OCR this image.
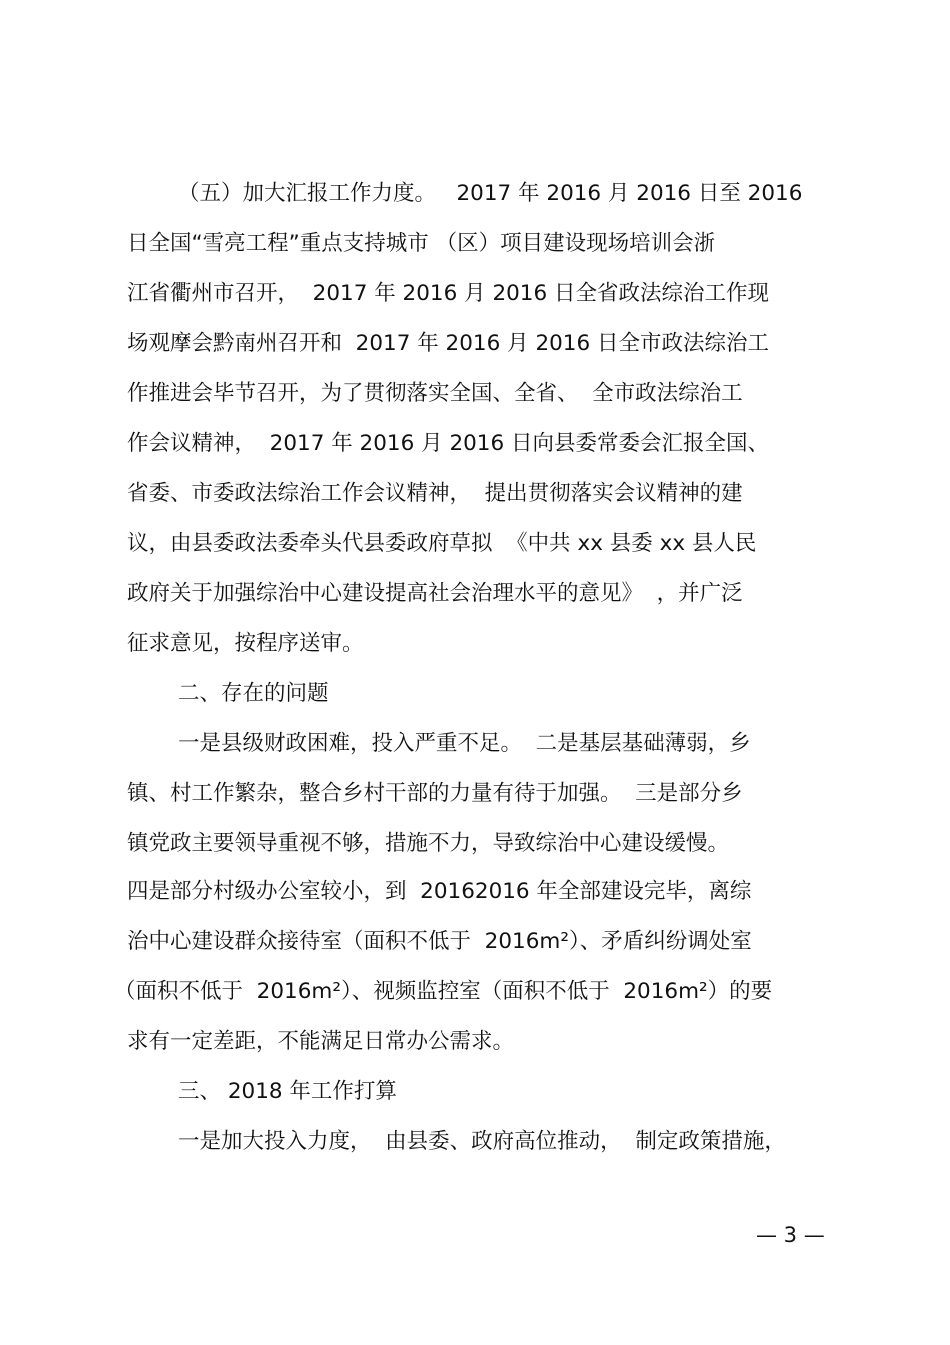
（五）加大汇报工作力度。   2017 年 2016 月 2016 日至 2016

日全国“雪亮工程”重点支持城市 （区）项目建设现场培训会浙

江省衢州市召开，  2017 年 2016 月 2016 日全省政法综治工作现

场观摩会黔南州召开和  2017 年 2016 月 2016 日全市政法综治工

作推进会毕节召开，为了贯彻落实全国、全省、  全市政法综治工

作会议精神，  2017 年 2016 月 2016 日向县委常委会汇报全国、

省委、市委政法综治工作会议精神，  提出贯彻落实会议精神的建

议，由县委政法委牵头代县委政府草拟  《中共 xx 县委 xx 县人民

政府关于加强综治中心建设提高社会治理水平的意见》  ，并广泛

征求意见，按程序送审。

二、存在的问题

一是县级财政困难，投入严重不足。  二是基层基础薄弱，乡

镇、村工作繁杂，整合乡村干部的力量有待于加强。  三是部分乡

镇党政主要领导重视不够，措施不力，导致综治中心建设缓慢。

四是部分村级办公室较小，到  20162016 年全部建设完毕，离综

治中心建设群众接待室（面积不低于  2016m²）、矛盾纠纷调处室

（面积不低于  2016m²）、视频监控室（面积不低于  2016m²）的要

求有一定差距，不能满足日常办公需求。

三、 2018 年工作打算

一是加大投入力度，  由县委、政府高位推动，  制定政策措施，

— 3 —
